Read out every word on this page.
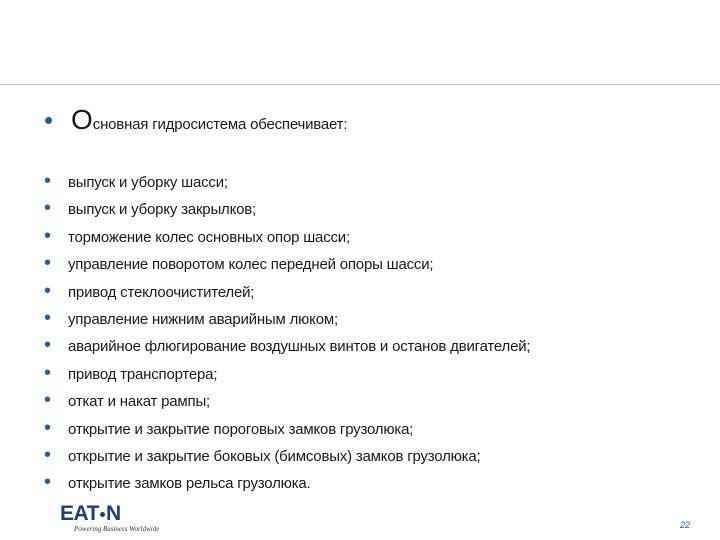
• Основная гидросистема обеспечивает:
•	выпуск и уборку шасси;
•	выпуск и уборку закрылков;
•	торможение колес основных опор шасси;
•	управление поворотом колес передней опоры шасси;
•	привод стеклоочистителей;
•	управление нижним аварийным люком;
•	аварийное флюгирование воздушных винтов и останов двигателей;
•	привод транспортера;
•	откат и накат рампы;
•	открытие и закрытие пороговых замков грузолюка;
•	открытие и закрытие боковых (бимсовых) замков грузолюка;
•	открытие замков рельса грузолюка.
EAT N
Powering Business Worldwide	22
